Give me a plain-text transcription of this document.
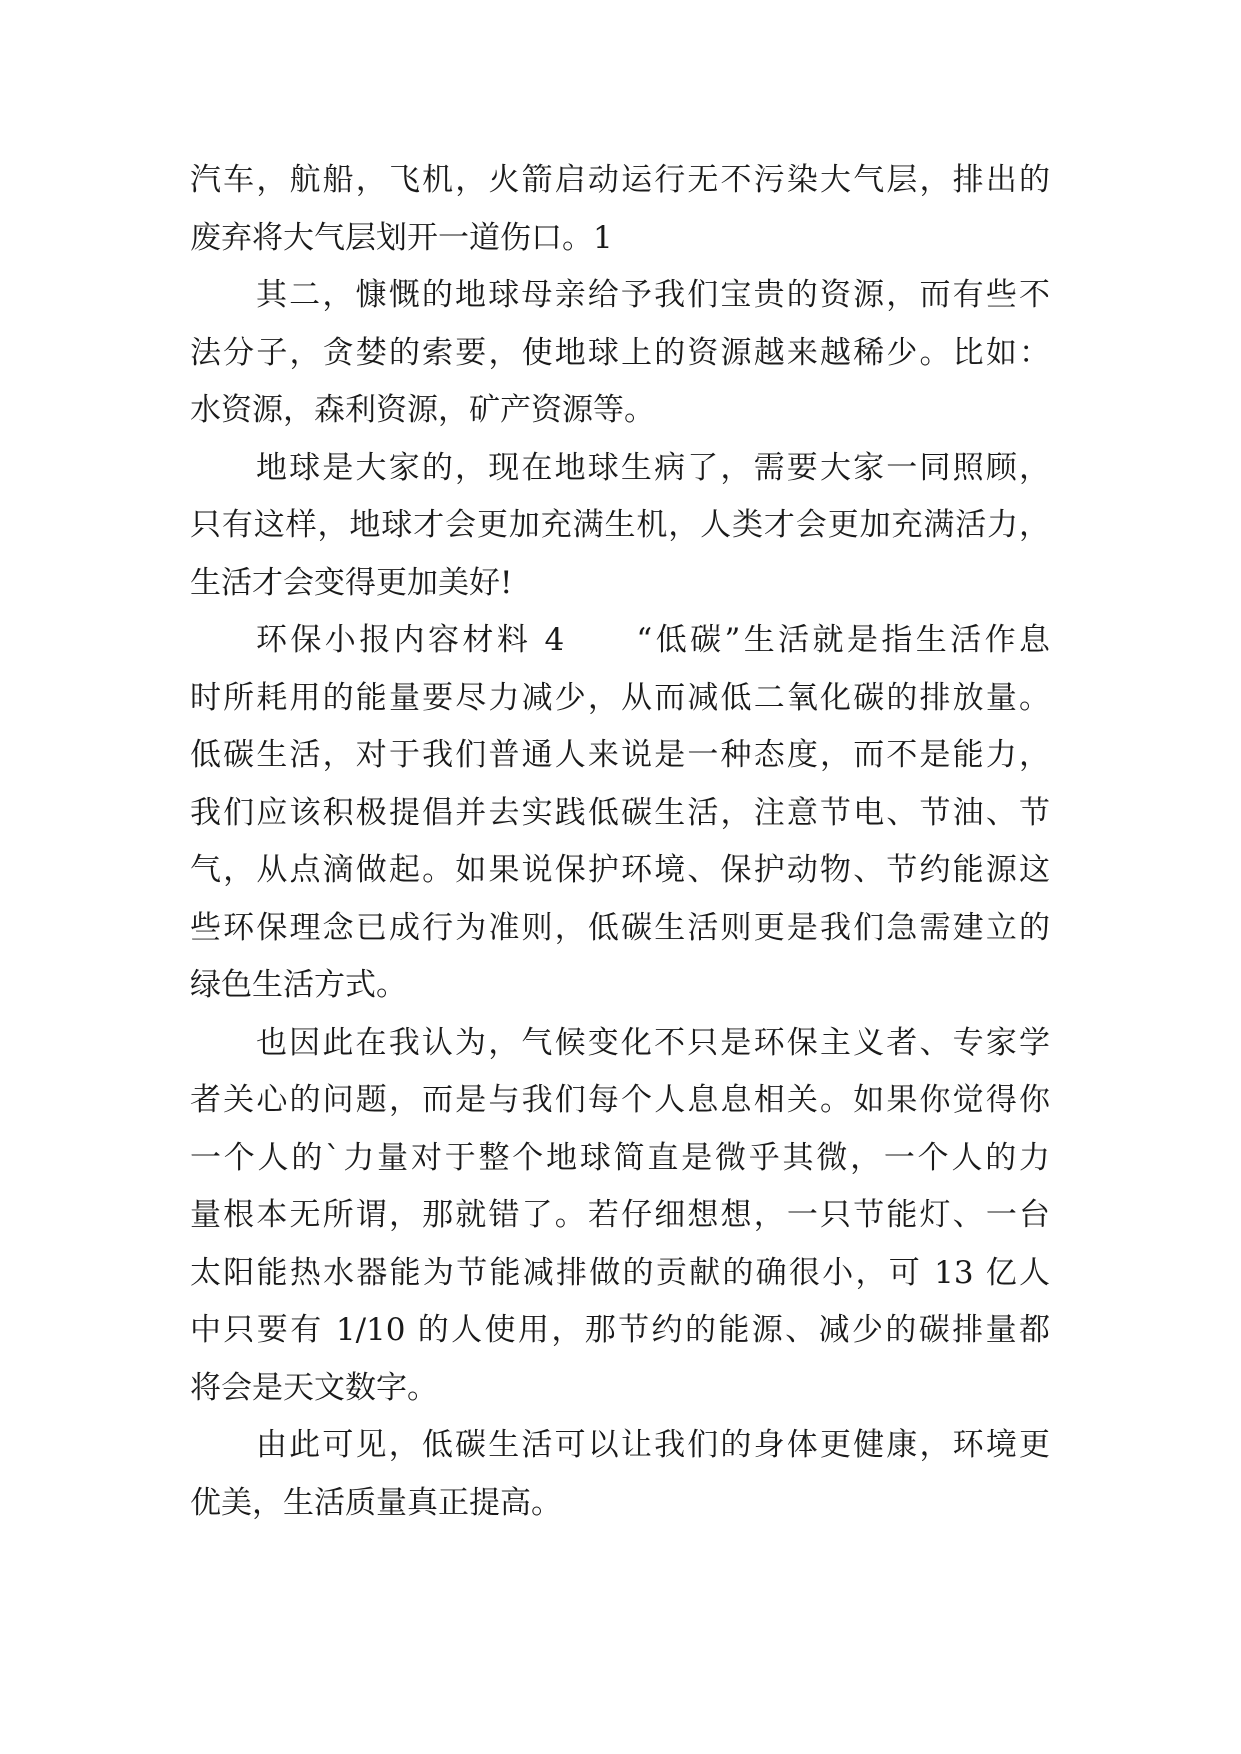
汽车，航船，飞机，火箭启动运行无不污染大气层，排出的
废弃将大气层划开一道伤口。1
其二，慷慨的地球母亲给予我们宝贵的资源，而有些不
法分子，贪婪的索要，使地球上的资源越来越稀少。比如：
水资源，森利资源，矿产资源等。
地球是大家的，现在地球生病了，需要大家一同照顾，
只有这样，地球才会更加充满生机，人类才会更加充满活力，
生活才会变得更加美好!
环保小报内容材料 4　　“低碳”生活就是指生活作息
时所耗用的能量要尽力减少，从而减低二氧化碳的排放量。
低碳生活，对于我们普通人来说是一种态度，而不是能力，
我们应该积极提倡并去实践低碳生活，注意节电、节油、节
气，从点滴做起。如果说保护环境、保护动物、节约能源这
些环保理念已成行为准则，低碳生活则更是我们急需建立的
绿色生活方式。
也因此在我认为，气候变化不只是环保主义者、专家学
者关心的问题，而是与我们每个人息息相关。如果你觉得你
一个人的`力量对于整个地球简直是微乎其微，一个人的力
量根本无所谓，那就错了。若仔细想想，一只节能灯、一台
太阳能热水器能为节能减排做的贡献的确很小，可 13 亿人
中只要有 1/10 的人使用，那节约的能源、减少的碳排量都
将会是天文数字。
由此可见，低碳生活可以让我们的身体更健康，环境更
优美，生活质量真正提高。
